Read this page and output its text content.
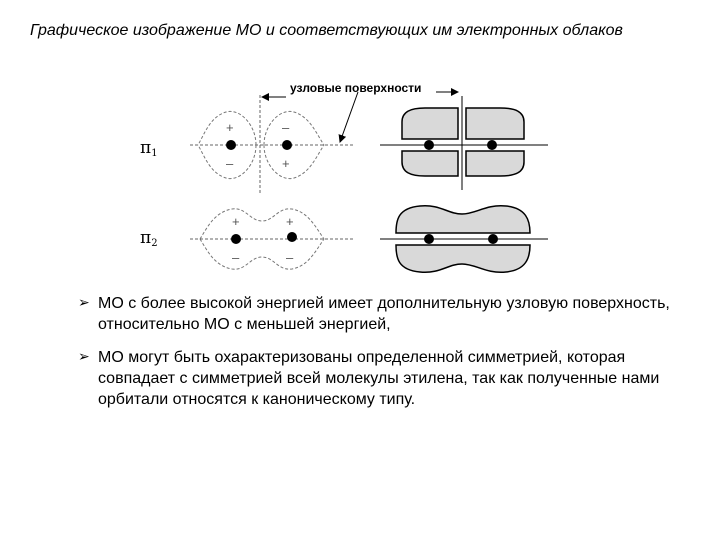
Графическое изображение МО и соответствующих им электронных облаков
узловые поверхности
π1
π2
+	–
–	+
+	+
–	–
➢ МО с более высокой энергией имеет дополнительную узловую поверхность, относительно МО с меньшей энергией,
➢ МО могут быть охарактеризованы определенной симметрией, которая совпадает с симметрией всей молекулы этилена, так как полученные нами орбитали относятся к каноническому типу.
